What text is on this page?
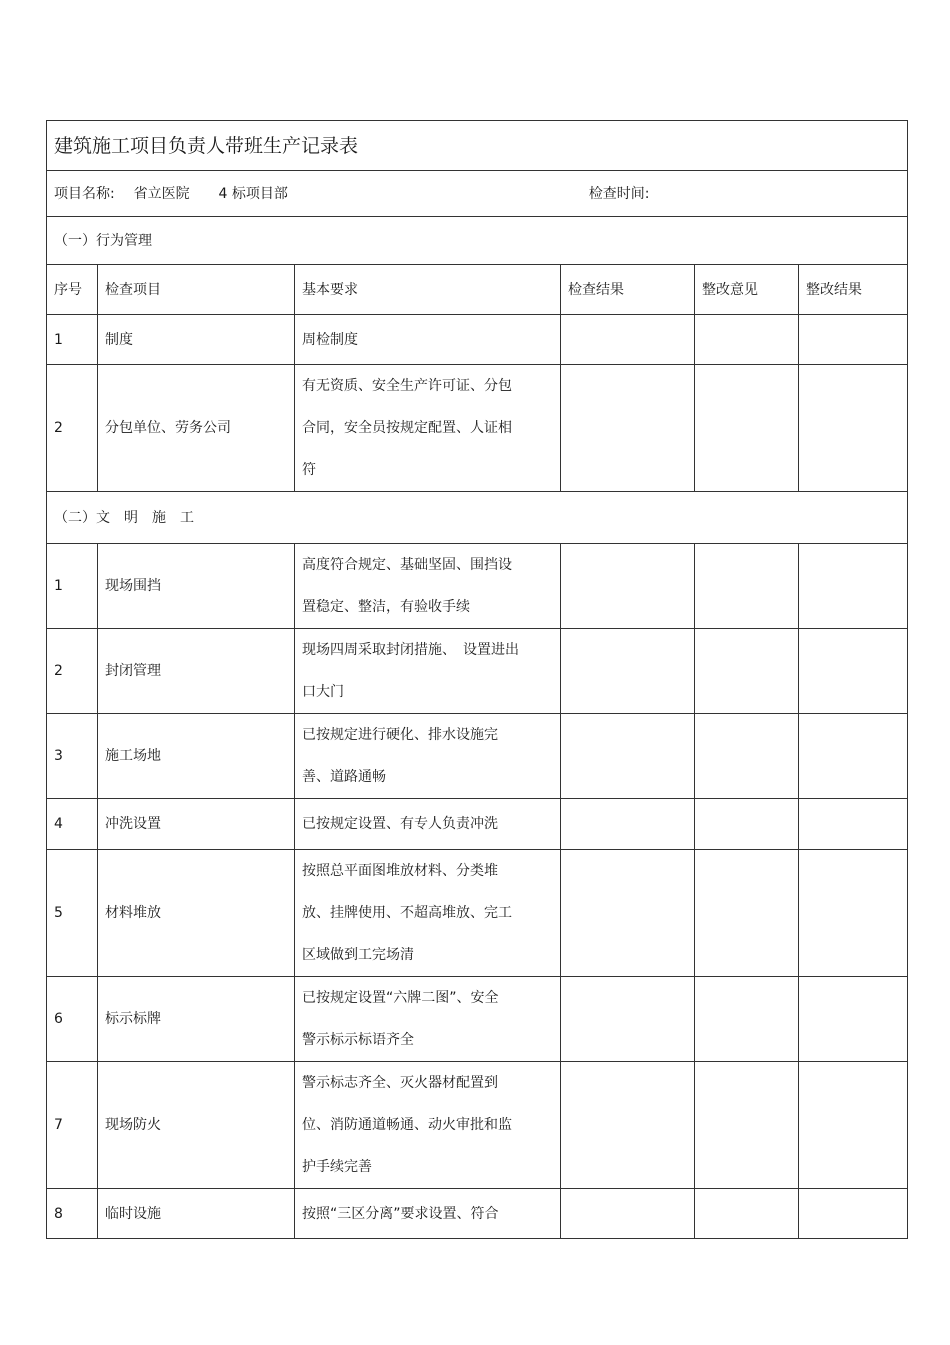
建筑施工项目负责人带班生产记录表					
项目名称: 省立医院 4 标项目部 检查时间:					
（一）行为管理					
序号	检查项目	基本要求	检查结果	整改意见	整改结果
1	制度	周检制度			

2	分包单位、劳务公司	有无资质、安全生产许可证、分包
合同，安全员按规定配置、人证相
符			

（二）文　明　施　工					
1	现场围挡	高度符合规定、基础坚固、围挡设
置稳定、整洁，有验收手续			

2	封闭管理	现场四周采取封闭措施、　设置进出
口大门			

3	施工场地	已按规定进行硬化、排水设施完
善、道路通畅			

4	冲洗设置	已按规定设置、有专人负责冲洗			

5	材料堆放	按照总平面图堆放材料、分类堆
放、挂牌使用、不超高堆放、完工
区域做到工完场清			

6	标示标牌	已按规定设置“六牌二图”、安全
警示标示标语齐全			

7	现场防火	警示标志齐全、灭火器材配置到
位、消防通道畅通、动火审批和监
护手续完善			

8	临时设施	按照“三区分离”要求设置、符合			
